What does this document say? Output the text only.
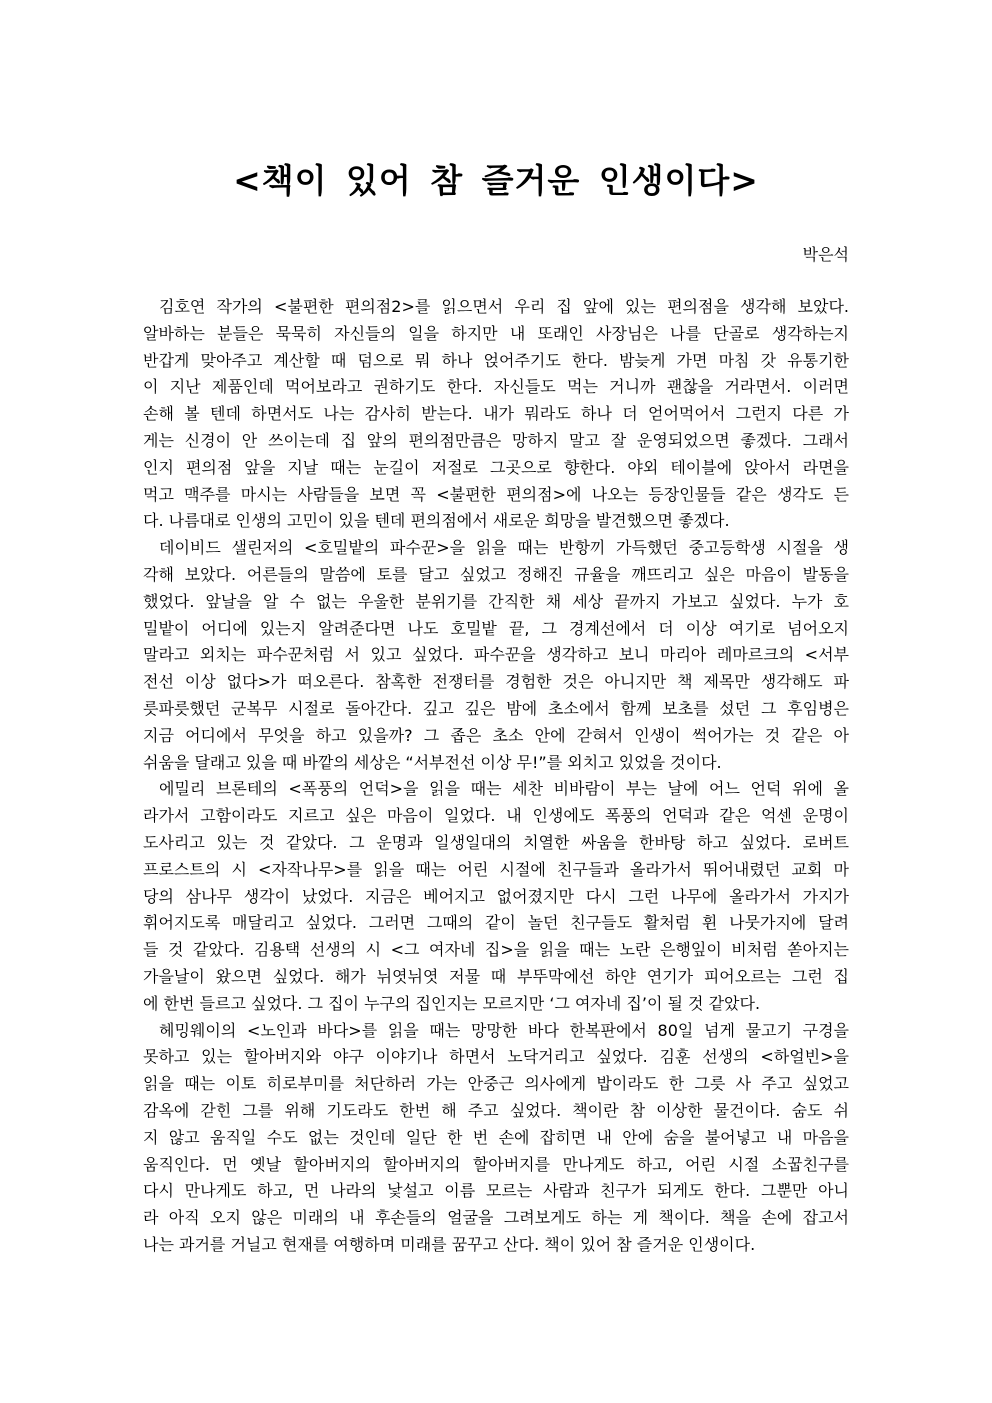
<책이 있어 참 즐거운 인생이다>

박은석

김호연 작가의 <불편한 편의점2>를 읽으면서 우리 집 앞에 있는 편의점을 생각해 보았다.

알바하는 분들은 묵묵히 자신들의 일을 하지만 내 또래인 사장님은 나를 단골로 생각하는지

반갑게 맞아주고 계산할 때 덤으로 뭐 하나 얹어주기도 한다. 밤늦게 가면 마침 갓 유통기한

이 지난 제품인데 먹어보라고 권하기도 한다. 자신들도 먹는 거니까 괜찮을 거라면서. 이러면

손해 볼 텐데 하면서도 나는 감사히 받는다. 내가 뭐라도 하나 더 얻어먹어서 그런지 다른 가

게는 신경이 안 쓰이는데 집 앞의 편의점만큼은 망하지 말고 잘 운영되었으면 좋겠다. 그래서

인지 편의점 앞을 지날 때는 눈길이 저절로 그곳으로 향한다. 야외 테이블에 앉아서 라면을

먹고 맥주를 마시는 사람들을 보면 꼭 <불편한 편의점>에 나오는 등장인물들 같은 생각도 든

다. 나름대로 인생의 고민이 있을 텐데 편의점에서 새로운 희망을 발견했으면 좋겠다.

데이비드 샐린저의 <호밀밭의 파수꾼>을 읽을 때는 반항끼 가득했던 중고등학생 시절을 생

각해 보았다. 어른들의 말씀에 토를 달고 싶었고 정해진 규율을 깨뜨리고 싶은 마음이 발동을

했었다. 앞날을 알 수 없는 우울한 분위기를 간직한 채 세상 끝까지 가보고 싶었다. 누가 호

밀밭이 어디에 있는지 알려준다면 나도 호밀밭 끝, 그 경계선에서 더 이상 여기로 넘어오지

말라고 외치는 파수꾼처럼 서 있고 싶었다. 파수꾼을 생각하고 보니 마리아 레마르크의 <서부

전선 이상 없다>가 떠오른다. 참혹한 전쟁터를 경험한 것은 아니지만 책 제목만 생각해도 파

릇파릇했던 군복무 시절로 돌아간다. 깊고 깊은 밤에 초소에서 함께 보초를 섰던 그 후임병은

지금 어디에서 무엇을 하고 있을까? 그 좁은 초소 안에 갇혀서 인생이 썩어가는 것 같은 아

쉬움을 달래고 있을 때 바깥의 세상은 “서부전선 이상 무!”를 외치고 있었을 것이다.

에밀리 브론테의 <폭풍의 언덕>을 읽을 때는 세찬 비바람이 부는 날에 어느 언덕 위에 올

라가서 고함이라도 지르고 싶은 마음이 일었다. 내 인생에도 폭풍의 언덕과 같은 억센 운명이

도사리고 있는 것 같았다. 그 운명과 일생일대의 치열한 싸움을 한바탕 하고 싶었다. 로버트

프로스트의 시 <자작나무>를 읽을 때는 어린 시절에 친구들과 올라가서 뛰어내렸던 교회 마

당의 삼나무 생각이 났었다. 지금은 베어지고 없어졌지만 다시 그런 나무에 올라가서 가지가

휘어지도록 매달리고 싶었다. 그러면 그때의 같이 놀던 친구들도 활처럼 휜 나뭇가지에 달려

들 것 같았다. 김용택 선생의 시 <그 여자네 집>을 읽을 때는 노란 은행잎이 비처럼 쏟아지는

가을날이 왔으면 싶었다. 해가 뉘엿뉘엿 저물 때 부뚜막에선 하얀 연기가 피어오르는 그런 집

에 한번 들르고 싶었다. 그 집이 누구의 집인지는 모르지만 ‘그 여자네 집’이 될 것 같았다.

헤밍웨이의 <노인과 바다>를 읽을 때는 망망한 바다 한복판에서 80일 넘게 물고기 구경을

못하고 있는 할아버지와 야구 이야기나 하면서 노닥거리고 싶었다. 김훈 선생의 <하얼빈>을

읽을 때는 이토 히로부미를 처단하러 가는 안중근 의사에게 밥이라도 한 그릇 사 주고 싶었고

감옥에 갇힌 그를 위해 기도라도 한번 해 주고 싶었다. 책이란 참 이상한 물건이다. 숨도 쉬

지 않고 움직일 수도 없는 것인데 일단 한 번 손에 잡히면 내 안에 숨을 불어넣고 내 마음을

움직인다. 먼 옛날 할아버지의 할아버지의 할아버지를 만나게도 하고, 어린 시절 소꿉친구를

다시 만나게도 하고, 먼 나라의 낯설고 이름 모르는 사람과 친구가 되게도 한다. 그뿐만 아니

라 아직 오지 않은 미래의 내 후손들의 얼굴을 그려보게도 하는 게 책이다. 책을 손에 잡고서

나는 과거를 거닐고 현재를 여행하며 미래를 꿈꾸고 산다. 책이 있어 참 즐거운 인생이다.
